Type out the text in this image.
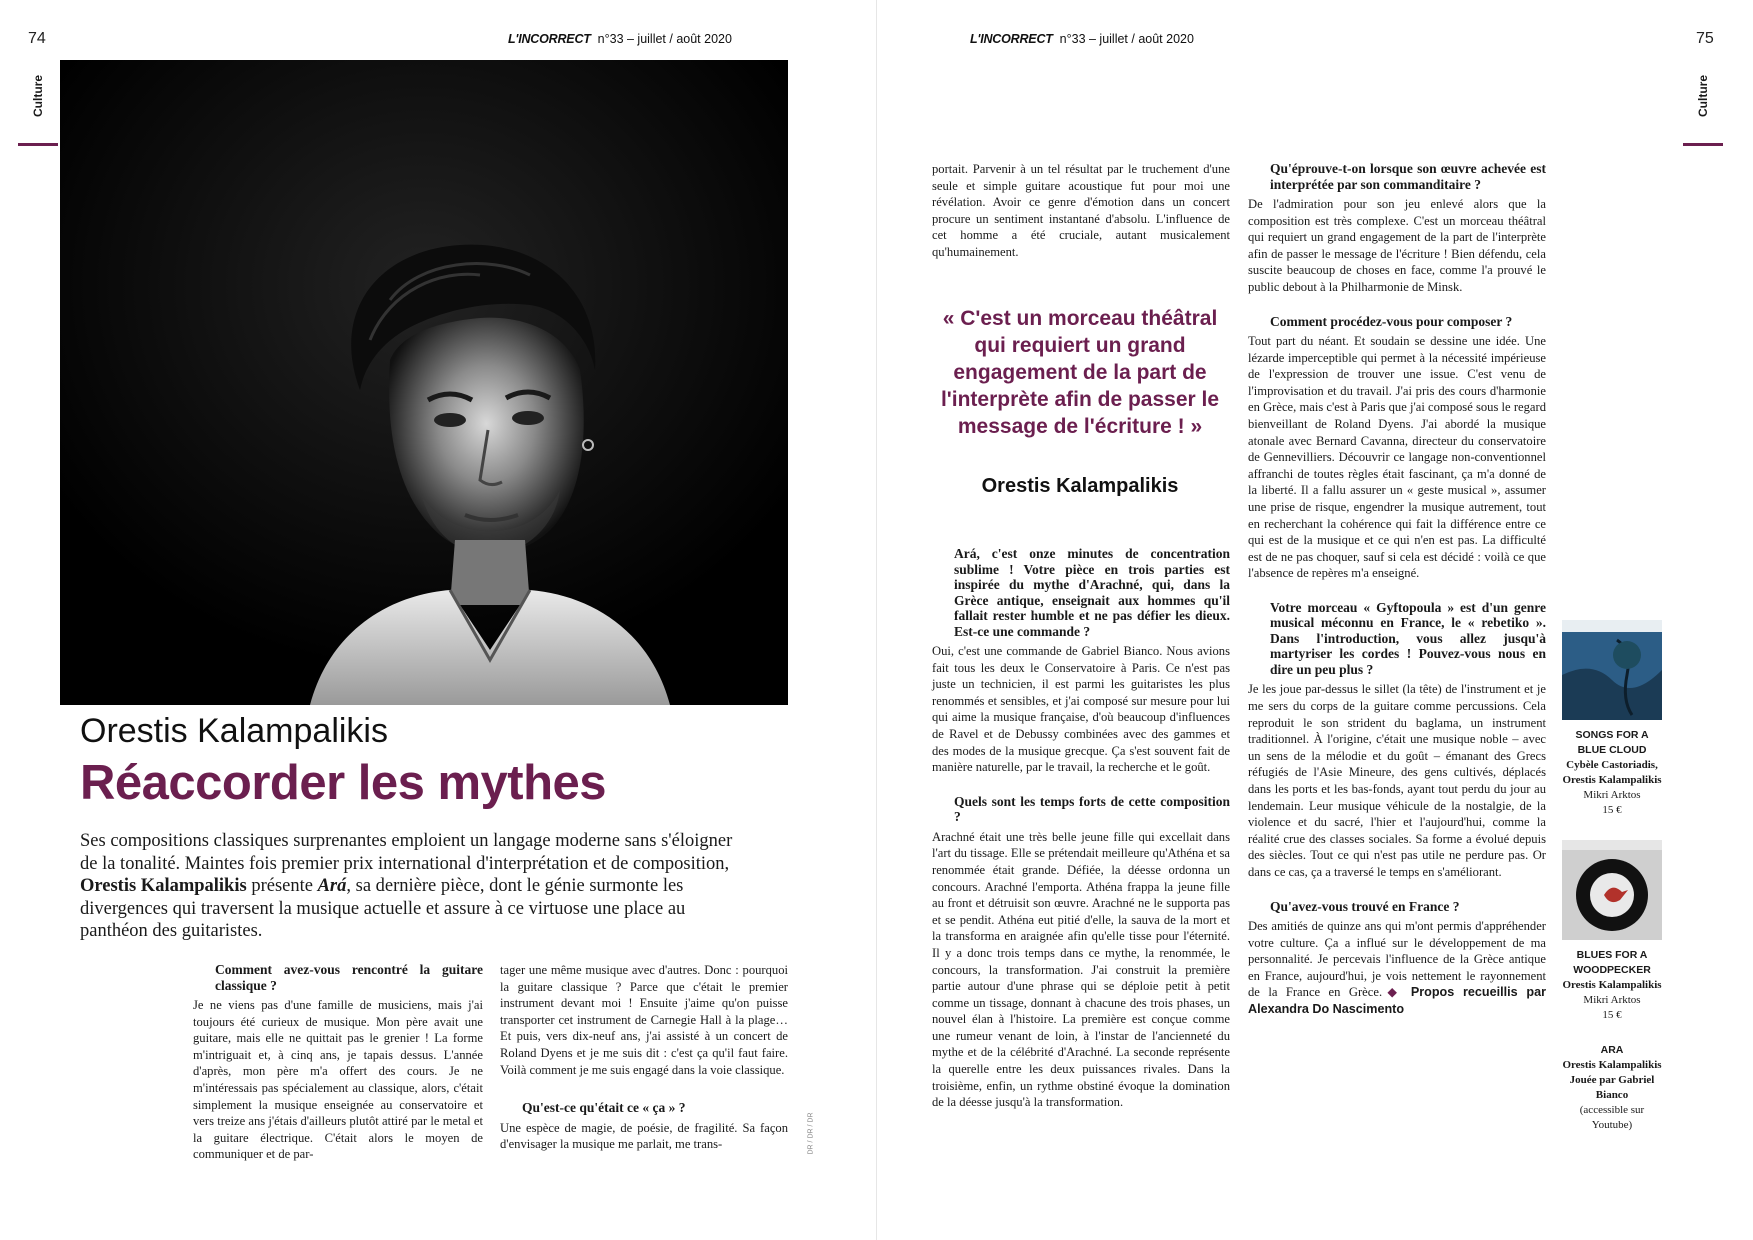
74	L'INCORRECT n°33 – juillet / août 2020
Culture
Orestis Kalampalikis
Réaccorder les mythes
Ses compositions classiques surprenantes emploient un langage moderne sans s'éloigner de la tonalité. Maintes fois premier prix international d'interprétation et de composition, Orestis Kalampalikis présente Ará, sa dernière pièce, dont le génie surmonte les divergences qui traversent la musique actuelle et assure à ce virtuose une place au panthéon des guitaristes.
Comment avez-vous rencontré la guitare classique ?

Je ne viens pas d'une famille de musiciens, mais j'ai toujours été curieux de musique. Mon père avait une guitare, mais elle ne quittait pas le grenier ! La forme m'intriguait et, à cinq ans, je tapais dessus. L'année d'après, mon père m'a offert des cours. Je ne m'intéressais pas spécialement au classique, alors, c'était simplement la musique enseignée au conservatoire et vers treize ans j'étais d'ailleurs plutôt attiré par le metal et la guitare électrique. C'était alors le moyen de communiquer et de par-

tager une même musique avec d'autres. Donc : pourquoi la guitare classique ? Parce que c'était le premier instrument devant moi ! Ensuite j'aime qu'on puisse transporter cet instrument de Carnegie Hall à la plage… Et puis, vers dix-neuf ans, j'ai assisté à un concert de Roland Dyens et je me suis dit : c'est ça qu'il faut faire. Voilà comment je me suis engagé dans la voie classique.

Qu'est-ce qu'était ce « ça » ?

Une espèce de magie, de poésie, de fragilité. Sa façon d'envisager la musique me parlait, me trans-	DR / DR / DR
L'INCORRECT n°33 – juillet / août 2020	75
Culture

portait. Parvenir à un tel résultat par le truchement d'une seule et simple guitare acoustique fut pour moi une révélation. Avoir ce genre d'émotion dans un concert procure un sentiment instantané d'absolu. L'influence de cet homme a été cruciale, autant musicalement qu'humainement.

« C'est un morceau théâtral qui requiert un grand engagement de la part de l'interprète afin de passer le message de l'écriture ! »
Orestis Kalampalikis
Ará, c'est onze minutes de concentration sublime ! Votre pièce en trois parties est inspirée du mythe d'Arachné, qui, dans la Grèce antique, enseignait aux hommes qu'il fallait rester humble et ne pas défier les dieux. Est-ce une commande ?

Oui, c'est une commande de Gabriel Bianco. Nous avions fait tous les deux le Conservatoire à Paris. Ce n'est pas juste un technicien, il est parmi les guitaristes les plus renommés et sensibles, et j'ai composé sur mesure pour lui qui aime la musique française, d'où beaucoup d'influences de Ravel et de Debussy combinées avec des gammes et des modes de la musique grecque. Ça s'est souvent fait de manière naturelle, par le travail, la recherche et le goût.

Quels sont les temps forts de cette composition ?

Arachné était une très belle jeune fille qui excellait dans l'art du tissage. Elle se prétendait meilleure qu'Athéna et sa renommée était grande. Défiée, la déesse ordonna un concours. Arachné l'emporta. Athéna frappa la jeune fille au front et détruisit son œuvre. Arachné ne le supporta pas et se pendit. Athéna eut pitié d'elle, la sauva de la mort et la transforma en araignée afin qu'elle tisse pour l'éternité. Il y a donc trois temps dans ce mythe, la renommée, le concours, la transformation. J'ai construit la première partie autour d'une phrase qui se déploie petit à petit comme un tissage, donnant à chacune des trois phases, un nouvel élan à l'histoire. La première est conçue comme une rumeur venant de loin, à l'instar de l'ancienneté du mythe et de la célébrité d'Arachné. La seconde représente la querelle entre les deux puissances rivales. Dans la troisième, enfin, un rythme obstiné évoque la domination de la déesse jusqu'à la transformation.

Qu'éprouve-t-on lorsque son œuvre achevée est interprétée par son commanditaire ?

De l'admiration pour son jeu enlevé alors que la composition est très complexe. C'est un morceau théâtral qui requiert un grand engagement de la part de l'interprète afin de passer le message de l'écriture ! Bien défendu, cela suscite beaucoup de choses en face, comme l'a prouvé le public debout à la Philharmonie de Minsk.

Comment procédez-vous pour composer ?

Tout part du néant. Et soudain se dessine une idée. Une lézarde imperceptible qui permet à la nécessité impérieuse de l'expression de trouver une issue. C'est venu de l'improvisation et du travail. J'ai pris des cours d'harmonie en Grèce, mais c'est à Paris que j'ai composé sous le regard bienveillant de Roland Dyens. J'ai abordé la musique atonale avec Bernard Cavanna, directeur du conservatoire de Gennevilliers. Découvrir ce langage non-conventionnel affranchi de toutes règles était fascinant, ça m'a donné de la liberté. Il a fallu assurer un « geste musical », assumer une prise de risque, engendrer la musique autrement, tout en recherchant la cohérence qui fait la différence entre ce qui est de la musique et ce qui n'en est pas. La difficulté est de ne pas choquer, sauf si cela est décidé : voilà ce que l'absence de repères m'a enseigné.

Votre morceau « Gyftopoula » est d'un genre musical méconnu en France, le « rebetiko ». Dans l'introduction, vous allez jusqu'à martyriser les cordes ! Pouvez-vous nous en dire un peu plus ?

Je les joue par-dessus le sillet (la tête) de l'instrument et je me sers du corps de la guitare comme percussions. Cela reproduit le son strident du baglama, un instrument traditionnel. À l'origine, c'était une musique noble – avec un sens de la mélodie et du goût – émanant des Grecs réfugiés de l'Asie Mineure, des gens cultivés, déplacés dans les ports et les bas-fonds, ayant tout perdu du jour au lendemain. Leur musique véhicule de la nostalgie, de la violence et du sacré, l'hier et l'aujourd'hui, comme la réalité crue des classes sociales. Sa forme a évolué depuis des siècles. Tout ce qui n'est pas utile ne perdure pas. Or dans ce cas, ça a traversé le temps en s'améliorant.

Qu'avez-vous trouvé en France ?

Des amitiés de quinze ans qui m'ont permis d'appréhender votre culture. Ça a influé sur le développement de ma personnalité. Je percevais l'influence de la Grèce antique en France, aujourd'hui, je vois nettement le rayonnement de la France en Grèce.◆ Propos recueillis par Alexandra Do Nascimento

SONGS FOR A BLUE CLOUD
Cybèle Castoriadis, Orestis Kalampalikis
Mikri Arktos
15 €
BLUES FOR A WOODPECKER
Orestis Kalampalikis
Mikri Arktos
15 €
ARA
Orestis Kalampalikis
Jouée par Gabriel Bianco
(accessible sur Youtube)
